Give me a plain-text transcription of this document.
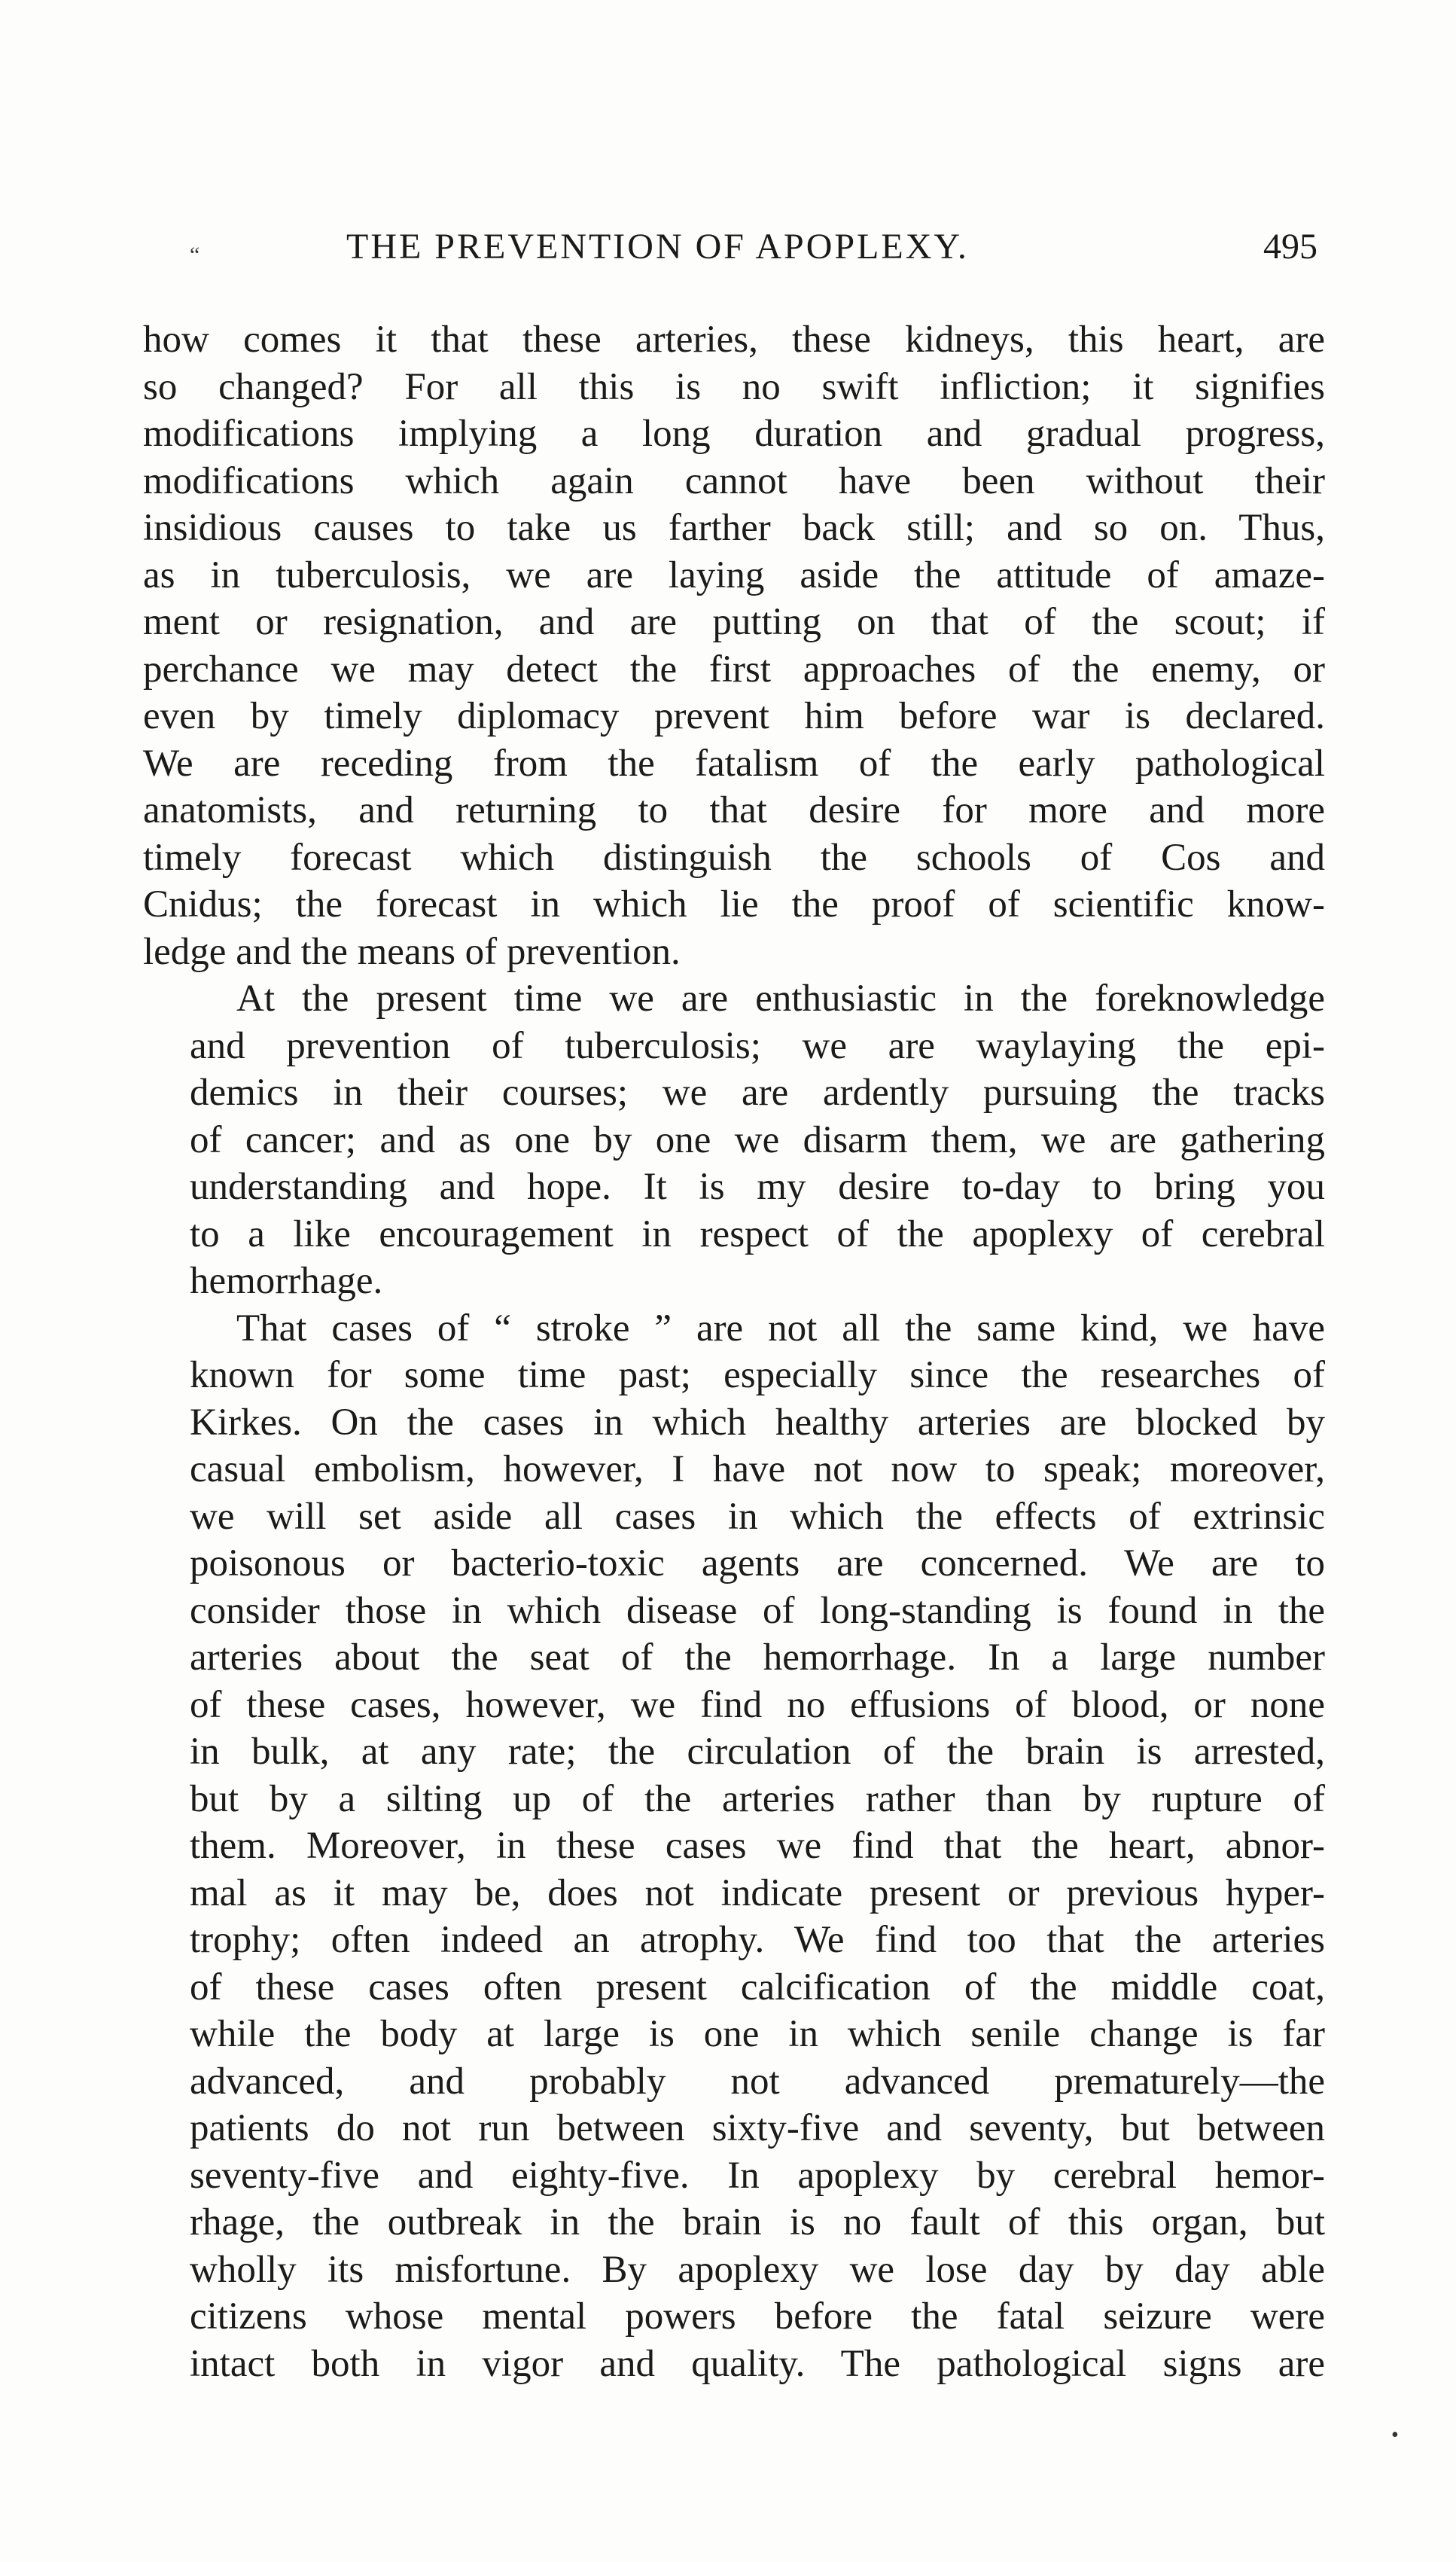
“	THE PREVENTION OF APOPLEXY.	495

how comes it that these arteries, these kidneys, this heart, are
so changed? For all this is no swift infliction; it signifies
modifications implying a long duration and gradual progress,
modifications which again cannot have been without their
insidious causes to take us farther back still; and so on. Thus,
as in tuberculosis, we are laying aside the attitude of amaze-
ment or resignation, and are putting on that of the scout; if
perchance we may detect the first approaches of the enemy, or
even by timely diplomacy prevent him before war is declared.
We are receding from the fatalism of the early pathological
anatomists, and returning to that desire for more and more
timely forecast which distinguish the schools of Cos and
Cnidus; the forecast in which lie the proof of scientific know-
ledge and the means of prevention.

At the present time we are enthusiastic in the foreknowledge
and prevention of tuberculosis; we are waylaying the epi-
demics in their courses; we are ardently pursuing the tracks
of cancer; and as one by one we disarm them, we are gathering
understanding and hope. It is my desire to-day to bring you
to a like encouragement in respect of the apoplexy of cerebral
hemorrhage.

That cases of “ stroke ” are not all the same kind, we have
known for some time past; especially since the researches of
Kirkes. On the cases in which healthy arteries are blocked by
casual embolism, however, I have not now to speak; moreover,
we will set aside all cases in which the effects of extrinsic
poisonous or bacterio-toxic agents are concerned. We are to
consider those in which disease of long-standing is found in the
arteries about the seat of the hemorrhage. In a large number
of these cases, however, we find no effusions of blood, or none
in bulk, at any rate; the circulation of the brain is arrested,
but by a silting up of the arteries rather than by rupture of
them. Moreover, in these cases we find that the heart, abnor-
mal as it may be, does not indicate present or previous hyper-
trophy; often indeed an atrophy. We find too that the arteries
of these cases often present calcification of the middle coat,
while the body at large is one in which senile change is far
advanced, and probably not advanced prematurely—the
patients do not run between sixty-five and seventy, but between
seventy-five and eighty-five. In apoplexy by cerebral hemor-
rhage, the outbreak in the brain is no fault of this organ, but
wholly its misfortune. By apoplexy we lose day by day able
citizens whose mental powers before the fatal seizure were
intact both in vigor and quality. The pathological signs are

•
